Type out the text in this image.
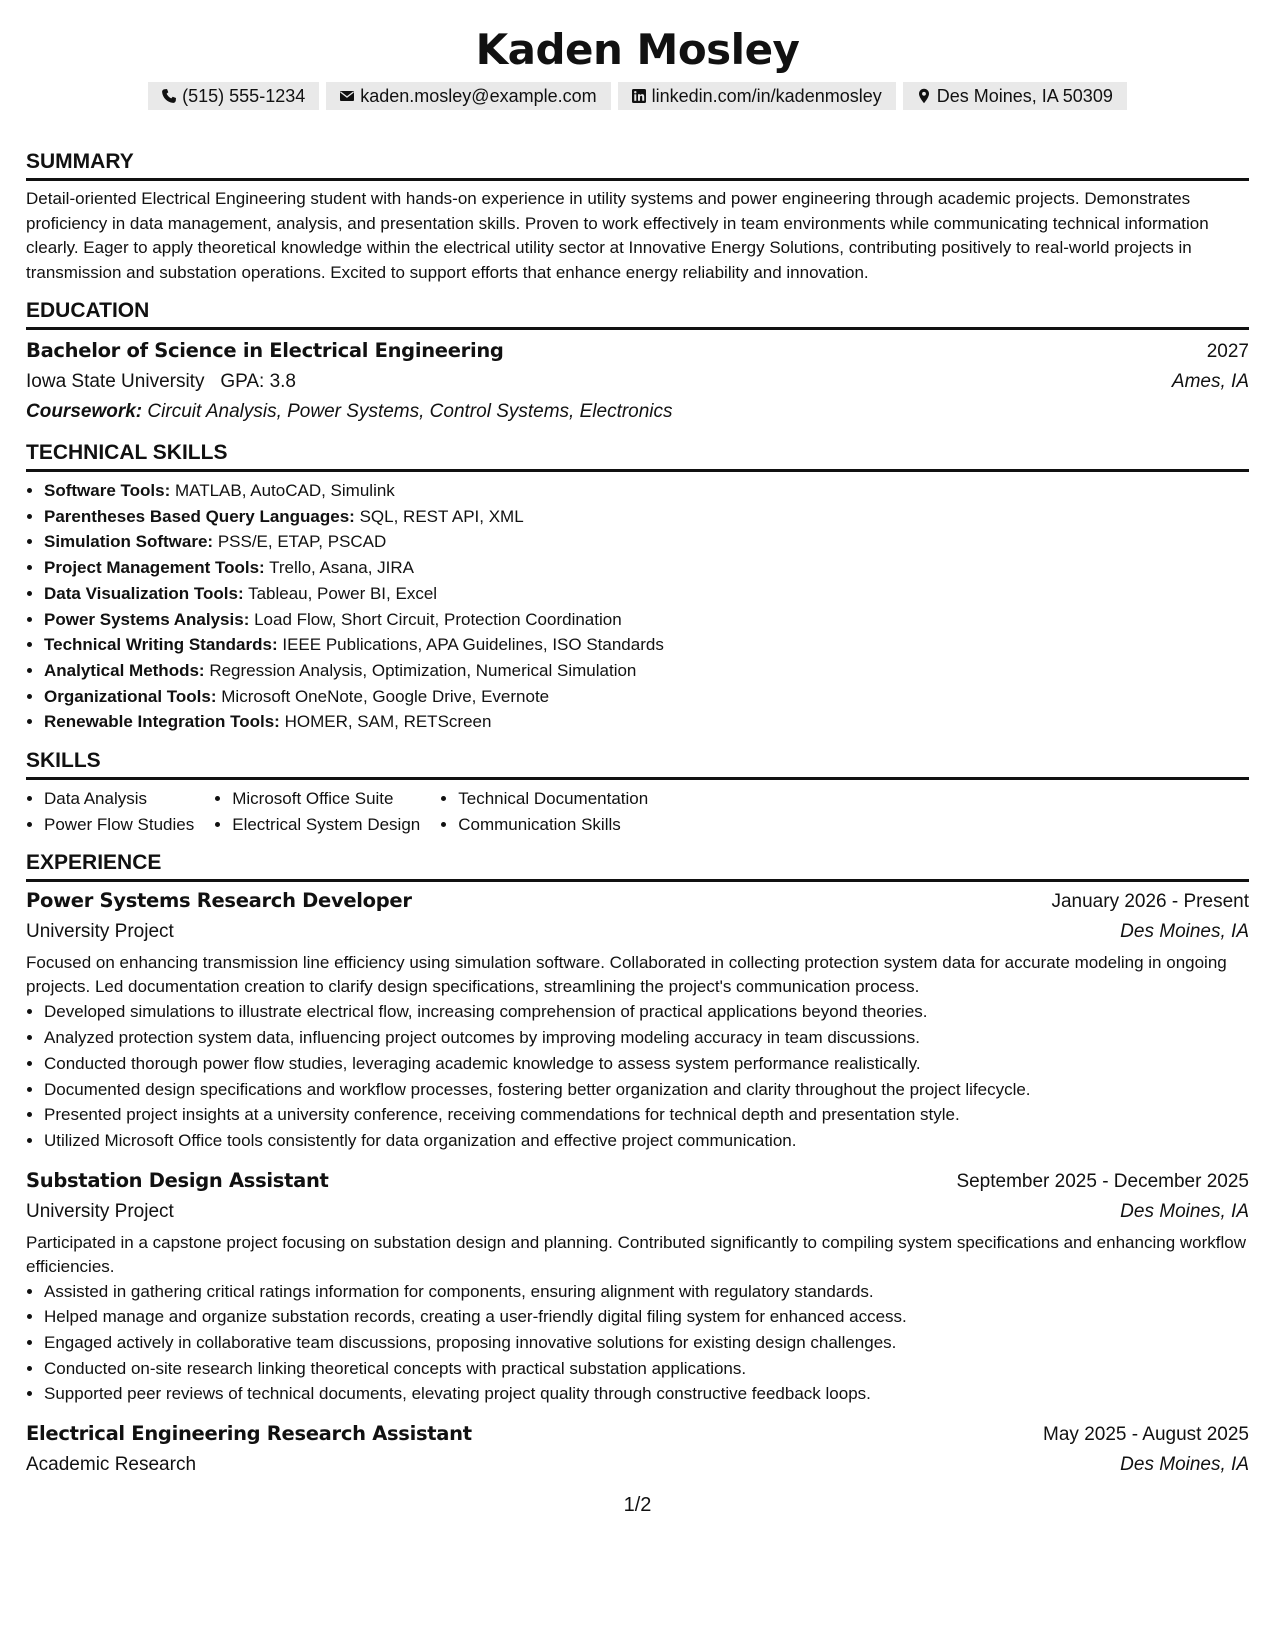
Kaden Mosley
(515) 555-1234	kaden.mosley@example.com	linkedin.com/in/kadenmosley	Des Moines, IA 50309
SUMMARY
Detail-oriented Electrical Engineering student with hands-on experience in utility systems and power engineering through academic projects. Demonstrates proficiency in data management, analysis, and presentation skills. Proven to work effectively in team environments while communicating technical information clearly. Eager to apply theoretical knowledge within the electrical utility sector at Innovative Energy Solutions, contributing positively to real-world projects in transmission and substation operations. Excited to support efforts that enhance energy reliability and innovation.
EDUCATION
Bachelor of Science in Electrical Engineering	2027
Iowa State University GPA: 3.8	Ames, IA
Coursework: Circuit Analysis, Power Systems, Control Systems, Electronics
TECHNICAL SKILLS
• Software Tools: MATLAB, AutoCAD, Simulink
• Parentheses Based Query Languages: SQL, REST API, XML
• Simulation Software: PSS/E, ETAP, PSCAD
• Project Management Tools: Trello, Asana, JIRA
• Data Visualization Tools: Tableau, Power BI, Excel
• Power Systems Analysis: Load Flow, Short Circuit, Protection Coordination
• Technical Writing Standards: IEEE Publications, APA Guidelines, ISO Standards
• Analytical Methods: Regression Analysis, Optimization, Numerical Simulation
• Organizational Tools: Microsoft OneNote, Google Drive, Evernote
• Renewable Integration Tools: HOMER, SAM, RETScreen
SKILLS
• Data Analysis
• Power Flow Studies
• Microsoft Office Suite
• Electrical System Design
• Technical Documentation
• Communication Skills
EXPERIENCE
Power Systems Research Developer	January 2026 - Present
University Project	Des Moines, IA
Focused on enhancing transmission line efficiency using simulation software. Collaborated in collecting protection system data for accurate modeling in ongoing projects. Led documentation creation to clarify design specifications, streamlining the project's communication process.
• Developed simulations to illustrate electrical flow, increasing comprehension of practical applications beyond theories.
• Analyzed protection system data, influencing project outcomes by improving modeling accuracy in team discussions.
• Conducted thorough power flow studies, leveraging academic knowledge to assess system performance realistically.
• Documented design specifications and workflow processes, fostering better organization and clarity throughout the project lifecycle.
• Presented project insights at a university conference, receiving commendations for technical depth and presentation style.
• Utilized Microsoft Office tools consistently for data organization and effective project communication.
Substation Design Assistant	September 2025 - December 2025
University Project	Des Moines, IA
Participated in a capstone project focusing on substation design and planning. Contributed significantly to compiling system specifications and enhancing workflow efficiencies.
• Assisted in gathering critical ratings information for components, ensuring alignment with regulatory standards.
• Helped manage and organize substation records, creating a user-friendly digital filing system for enhanced access.
• Engaged actively in collaborative team discussions, proposing innovative solutions for existing design challenges.
• Conducted on-site research linking theoretical concepts with practical substation applications.
• Supported peer reviews of technical documents, elevating project quality through constructive feedback loops.
Electrical Engineering Research Assistant	May 2025 - August 2025
Academic Research	Des Moines, IA
1/2
